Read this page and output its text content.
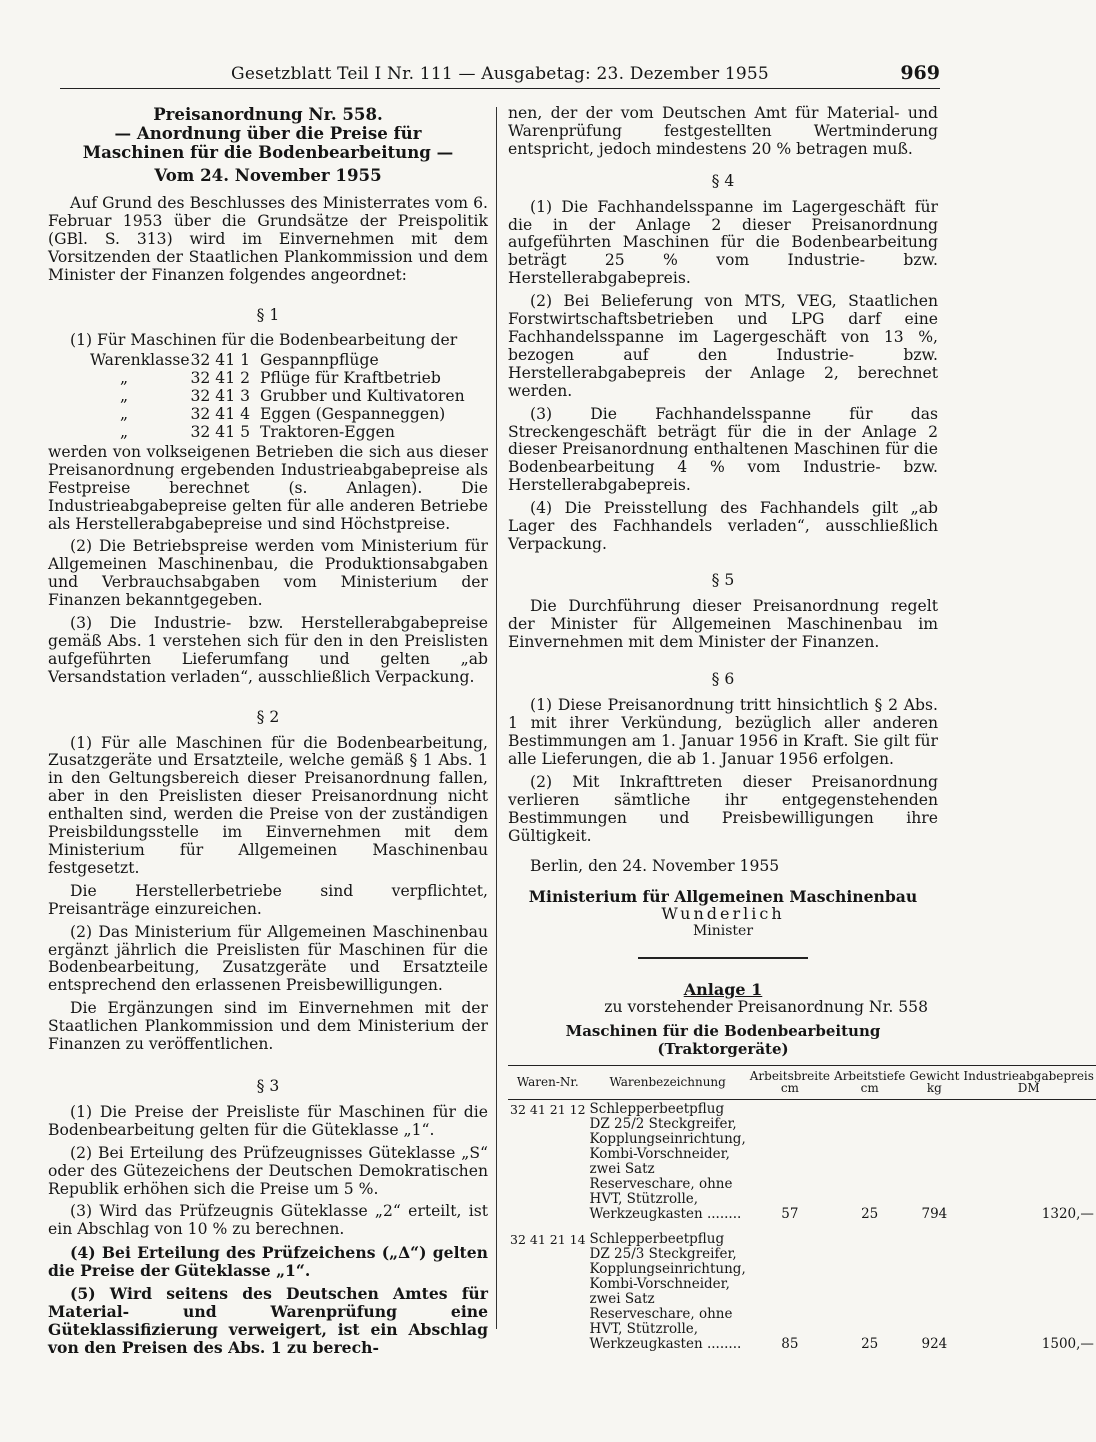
Gesetzblatt Teil I Nr. 111 — Ausgabetag: 23. Dezember 1955	969
Preisanordnung Nr. 558.
— Anordnung über die Preise für
Maschinen für die Bodenbearbeitung —
Vom 24. November 1955

Auf Grund des Beschlusses des Ministerrates vom 6. Februar 1953 über die Grundsätze der Preispolitik (GBl. S. 313) wird im Einvernehmen mit dem Vorsitzenden der Staatlichen Plankommission und dem Minister der Finanzen folgendes angeordnet:

§ 1

(1) Für Maschinen für die Bodenbearbeitung der

Warenklasse 32 41 1 Gespannpflüge
„	32 41 2 Pflüge für Kraftbetrieb
„	32 41 3 Grubber und Kultivatoren
„	32 41 4 Eggen (Gespanneggen)
„	32 41 5 Traktoren-Eggen

werden von volkseigenen Betrieben die sich aus dieser Preisanordnung ergebenden Industrieabgabepreise als Festpreise berechnet (s. Anlagen). Die Industrieabgabepreise gelten für alle anderen Betriebe als Herstellerabgabepreise und sind Höchstpreise.

(2) Die Betriebspreise werden vom Ministerium für Allgemeinen Maschinenbau, die Produktionsabgaben und Verbrauchsabgaben vom Ministerium der Finanzen bekanntgegeben.

(3) Die Industrie- bzw. Herstellerabgabepreise gemäß Abs. 1 verstehen sich für den in den Preislisten aufgeführten Lieferumfang und gelten „ab Versandstation verladen“, ausschließlich Verpackung.

§ 2

(1) Für alle Maschinen für die Bodenbearbeitung, Zusatzgeräte und Ersatzteile, welche gemäß § 1 Abs. 1 in den Geltungsbereich dieser Preisanordnung fallen, aber in den Preislisten dieser Preisanordnung nicht enthalten sind, werden die Preise von der zuständigen Preisbildungsstelle im Einvernehmen mit dem Ministerium für Allgemeinen Maschinenbau festgesetzt.

Die Herstellerbetriebe sind verpflichtet, Preisanträge einzureichen.

(2) Das Ministerium für Allgemeinen Maschinenbau ergänzt jährlich die Preislisten für Maschinen für die Bodenbearbeitung, Zusatzgeräte und Ersatzteile entsprechend den erlassenen Preisbewilligungen.

Die Ergänzungen sind im Einvernehmen mit der Staatlichen Plankommission und dem Ministerium der Finanzen zu veröffentlichen.

§ 3

(1) Die Preise der Preisliste für Maschinen für die Bodenbearbeitung gelten für die Güteklasse „1“.

(2) Bei Erteilung des Prüfzeugnisses Güteklasse „S“ oder des Gütezeichens der Deutschen Demokratischen Republik erhöhen sich die Preise um 5 %.

(3) Wird das Prüfzeugnis Güteklasse „2“ erteilt, ist ein Abschlag von 10 % zu berechnen.

(4) Bei Erteilung des Prüfzeichens („Δ“) gelten die Preise der Güteklasse „1“.

(5) Wird seitens des Deutschen Amtes für Material- und Warenprüfung eine Güteklassifizierung verweigert, ist ein Abschlag von den Preisen des Abs. 1 zu berech-

nen, der der vom Deutschen Amt für Material- und Warenprüfung festgestellten Wertminderung entspricht, jedoch mindestens 20 % betragen muß.

§ 4

(1) Die Fachhandelsspanne im Lagergeschäft für die in der Anlage 2 dieser Preisanordnung aufgeführten Maschinen für die Bodenbearbeitung beträgt 25 % vom Industrie- bzw. Herstellerabgabepreis.

(2) Bei Belieferung von MTS, VEG, Staatlichen Forstwirtschaftsbetrieben und LPG darf eine Fachhandelsspanne im Lagergeschäft von 13 %, bezogen auf den Industrie- bzw. Herstellerabgabepreis der Anlage 2, berechnet werden.

(3) Die Fachhandelsspanne für das Streckengeschäft beträgt für die in der Anlage 2 dieser Preisanordnung enthaltenen Maschinen für die Bodenbearbeitung 4 % vom Industrie- bzw. Herstellerabgabepreis.

(4) Die Preisstellung des Fachhandels gilt „ab Lager des Fachhandels verladen“, ausschließlich Verpackung.

§ 5

Die Durchführung dieser Preisanordnung regelt der Minister für Allgemeinen Maschinenbau im Einvernehmen mit dem Minister der Finanzen.

§ 6

(1) Diese Preisanordnung tritt hinsichtlich § 2 Abs. 1 mit ihrer Verkündung, bezüglich aller anderen Bestimmungen am 1. Januar 1956 in Kraft. Sie gilt für alle Lieferungen, die ab 1. Januar 1956 erfolgen.

(2) Mit Inkrafttreten dieser Preisanordnung verlieren sämtliche ihr entgegenstehenden Bestimmungen und Preisbewilligungen ihre Gültigkeit.

Berlin, den 24. November 1955

Ministerium für Allgemeinen Maschinenbau
Wunderlich
Minister
Anlage 1
zu vorstehender Preisanordnung Nr. 558
Maschinen für die Bodenbearbeitung (Traktorgeräte)
Waren-Nr.	Warenbezeichnung	Arbeitsbreite cm	Arbeitstiefe cm	Gewicht kg	Industrieabgabepreis DM
32 41 21 12	Schlepperbeetpflug DZ 25/2 Steckgreifer, Kopplungseinrichtung, Kombi-Vorschneider, zwei Satz Reserveschare, ohne HVT, Stützrolle, Werkzeugkasten ........	57	25	794	1320,—

32 41 21 14	Schlepperbeetpflug DZ 25/3 Steckgreifer, Kopplungseinrichtung, Kombi-Vorschneider, zwei Satz Reserveschare, ohne HVT, Stützrolle, Werkzeugkasten ........	85	25	924	1500,—
